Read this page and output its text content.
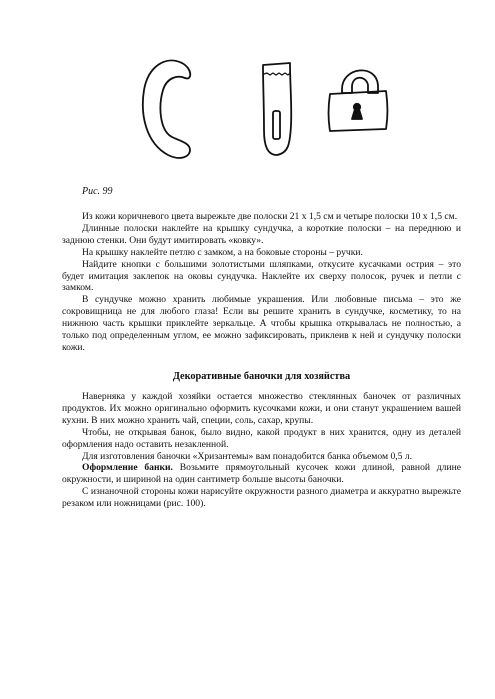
Рис. 99

Из кожи коричневого цвета вырежьте две полоски 21 х 1,5 см и четыре полоски 10 х 1,5 см.

Длинные полоски наклейте на крышку сундучка, а короткие полоски – на переднюю и заднюю стенки. Они будут имитировать «ковку».

На крышку наклейте петлю с замком, а на боковые стороны – ручки.

Найдите кнопки с большими золотистыми шляпками, откусите кусачками острия – это будет имитация заклепок на оковы сундучка. Наклейте их сверху полосок, ручек и петли с замком.

В сундучке можно хранить любимые украшения. Или любовные письма – это же сокровищница не для любого глаза! Если вы решите хранить в сундучке, косметику, то на нижнюю часть крышки приклейте зеркальце. А чтобы крышка открывалась не полностью, а только под определенным углом, ее можно зафиксировать, приклеив к ней и сундучку полоски кожи.

Декоративные баночки для хозяйства

Наверняка у каждой хозяйки остается множество стеклянных баночек от различных продуктов. Их можно оригинально оформить кусочками кожи, и они станут украшением вашей кухни. В них можно хранить чай, специи, соль, сахар, крупы.

Чтобы, не открывая банок, было видно, какой продукт в них хранится, одну из деталей оформления надо оставить незакленной.

Для изготовления баночки «Хризантемы» вам понадобится банка объемом 0,5 л.

Оформление банки. Возьмите прямоугольный кусочек кожи длиной, равной длине окружности, и шириной на один сантиметр больше высоты баночки.

С изнаночной стороны кожи нарисуйте окружности разного диаметра и аккуратно вырежьте резаком или ножницами (рис. 100).
